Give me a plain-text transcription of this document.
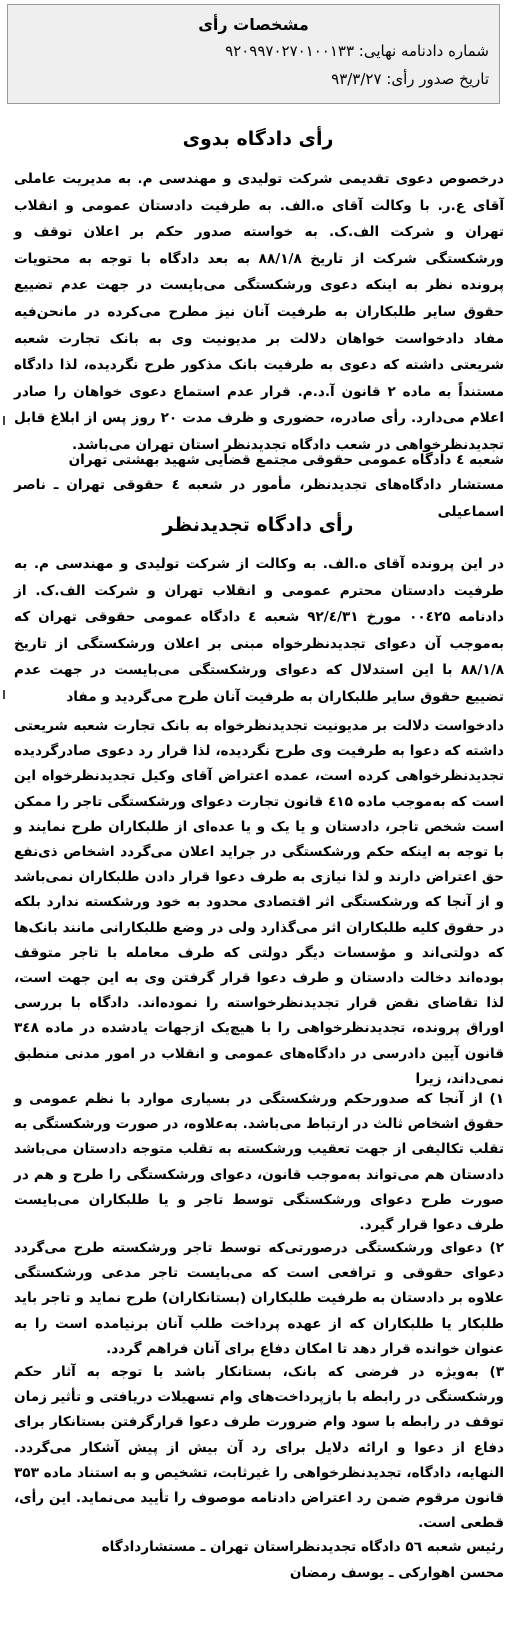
مشخصات رأی
شماره دادنامه نهایی: ۹۲۰۹۹۷۰۲۷۰۱۰۰۱۳۳
تاریخ صدور رأی: ۹۳/۳/۲۷
رأی دادگاه بدوی
درخصوص دعوی تقدیمی شرکت تولیدی و مهندسی م. به مدیریت عاملی آقای ع.ر. با وکالت آقای ه.الف. به طرفیت دادستان عمومی و انقلاب تهران و شرکت الف.ک. به خواسته صدور حکم بر اعلان توقف و ورشکستگی شرکت از تاریخ ۸۸/۱/۸ به بعد دادگاه با توجه به محتویات پرونده نظر به اینکه دعوی ورشکستگی می‌بایست در جهت عدم تضییع حقوق سایر طلبکاران به طرفیت آنان نیز مطرح می‌کرده در مانحن‌فیه مفاد دادخواست خواهان دلالت بر مدیونیت وی به بانک تجارت شعبه شریعتی داشته که دعوی به طرفیت بانک مذکور طرح نگردیده، لذا دادگاه مستنداً به ماده ۲ قانون آ.د.م. قرار عدم استماع دعوی خواهان را صادر اعلام می‌دارد. رأی صادره، حضوری و ظرف مدت ۲۰ روز پس از ابلاغ قابل تجدیدنظرخواهی در شعب دادگاه تجدیدنظر استان تهران می‌باشد.
شعبه ٤ دادگاه عمومی حقوقی مجتمع قضایی شهید بهشتی تهران
مستشار دادگاه‌های تجدیدنظر، مأمور در شعبه ٤ حقوقی تهران ـ ناصر اسماعیلی
رأی دادگاه تجدیدنظر
در این پرونده آقای ه.الف. به وکالت از شرکت تولیدی و مهندسی م. به طرفیت دادستان محترم عمومی و انقلاب تهران و شرکت الف.ک. از دادنامه ۰۰٤۲۵ مورخ ۹۲/٤/۳۱ شعبه ٤ دادگاه عمومی حقوقی تهران که به‌موجب آن دعوای تجدیدنظرخواه مبنی بر اعلان ورشکستگی از تاریخ ۸۸/۱/۸ با این استدلال که دعوای ورشکستگی می‌بایست در جهت عدم تضییع حقوق سایر طلبکاران به طرفیت آنان طرح می‌گردید و مفاد
دادخواست دلالت بر مدیونیت تجدیدنظرخواه به بانک تجارت شعبه شریعتی داشته که دعوا به طرفیت وی طرح نگردیده، لذا قرار رد دعوی صادرگردیده تجدیدنظرخواهی کرده است، عمده اعتراض آقای وکیل تجدیدنظرخواه این است که به‌موجب ماده ٤۱۵ قانون تجارت دعوای ورشکستگی تاجر را ممکن است شخص تاجر، دادستان و یا یک و یا عده‌ای از طلبکاران طرح نمایند و با توجه به اینکه حکم ورشکستگی در جراید اعلان می‌گردد اشخاص ذی‌نفع حق اعتراض دارند و لذا نیازی به طرف دعوا قرار دادن طلبکاران نمی‌باشد و از آنجا که ورشکستگی اثر اقتصادی محدود به خود ورشکسته ندارد بلکه در حقوق کلیه طلبکاران اثر می‌گذارد ولی در وضع طلبکارانی مانند بانک‌ها که دولتی‌اند و مؤسسات دیگر دولتی که طرف معامله با تاجر متوقف بوده‌اند دخالت دادستان و طرف دعوا قرار گرفتن وی به این جهت است، لذا تقاضای نقض قرار تجدیدنظرخواسته را نموده‌اند. دادگاه با بررسی اوراق پرونده، تجدیدنظرخواهی را با هیچ‌یک ازجهات یادشده در ماده ۳٤۸ قانون آیین دادرسی در دادگاه‌های عمومی و انقلاب در امور مدنی منطبق نمی‌داند، زیرا
۱) از آنجا که صدورحکم ورشکستگی در بسیاری موارد با نظم عمومی و حقوق اشخاص ثالث در ارتباط می‌باشد. به‌علاوه، در صورت ورشکستگی به تقلب تکالیفی از جهت تعقیب ورشکسته به تقلب متوجه دادستان می‌باشد دادستان هم می‌تواند به‌موجب قانون، دعوای ورشکستگی را طرح و هم در صورت طرح دعوای ورشکستگی توسط تاجر و یا طلبکاران می‌بایست طرف دعوا قرار گیرد.
۲) دعوای ورشکستگی درصورتی‌که توسط تاجر ورشکسته طرح می‌گردد دعوای حقوقی و ترافعی است که می‌بایست تاجر مدعی ورشکستگی علاوه بر دادستان به طرفیت طلبکاران (بستانکاران) طرح نماید و تاجر باید طلبکار یا طلبکاران که از عهده پرداخت طلب آنان برنیامده است را به عنوان خوانده قرار دهد تا امکان دفاع برای آنان فراهم گردد.
۳) به‌ویژه در فرضی که بانک، بستانکار باشد با توجه به آثار حکم ورشکستگی در رابطه با بازپرداخت‌های وام تسهیلات دریافتی و تأثیر زمان توقف در رابطه با سود وام ضرورت طرف دعوا قرارگرفتن بستانکار برای دفاع از دعوا و ارائه دلایل برای رد آن بیش از پیش آشکار می‌گردد. النهایه، دادگاه، تجدیدنظرخواهی را غیرثابت، تشخیص و به استناد ماده ۳۵۳ قانون مرقوم ضمن رد اعتراض دادنامه موصوف را تأیید می‌نماید. این رأی، قطعی است.
رئیس شعبه ۵٦ دادگاه تجدیدنظراستان تهران ـ مستشاردادگاه
محسن اهوارکی ـ یوسف رمضان
